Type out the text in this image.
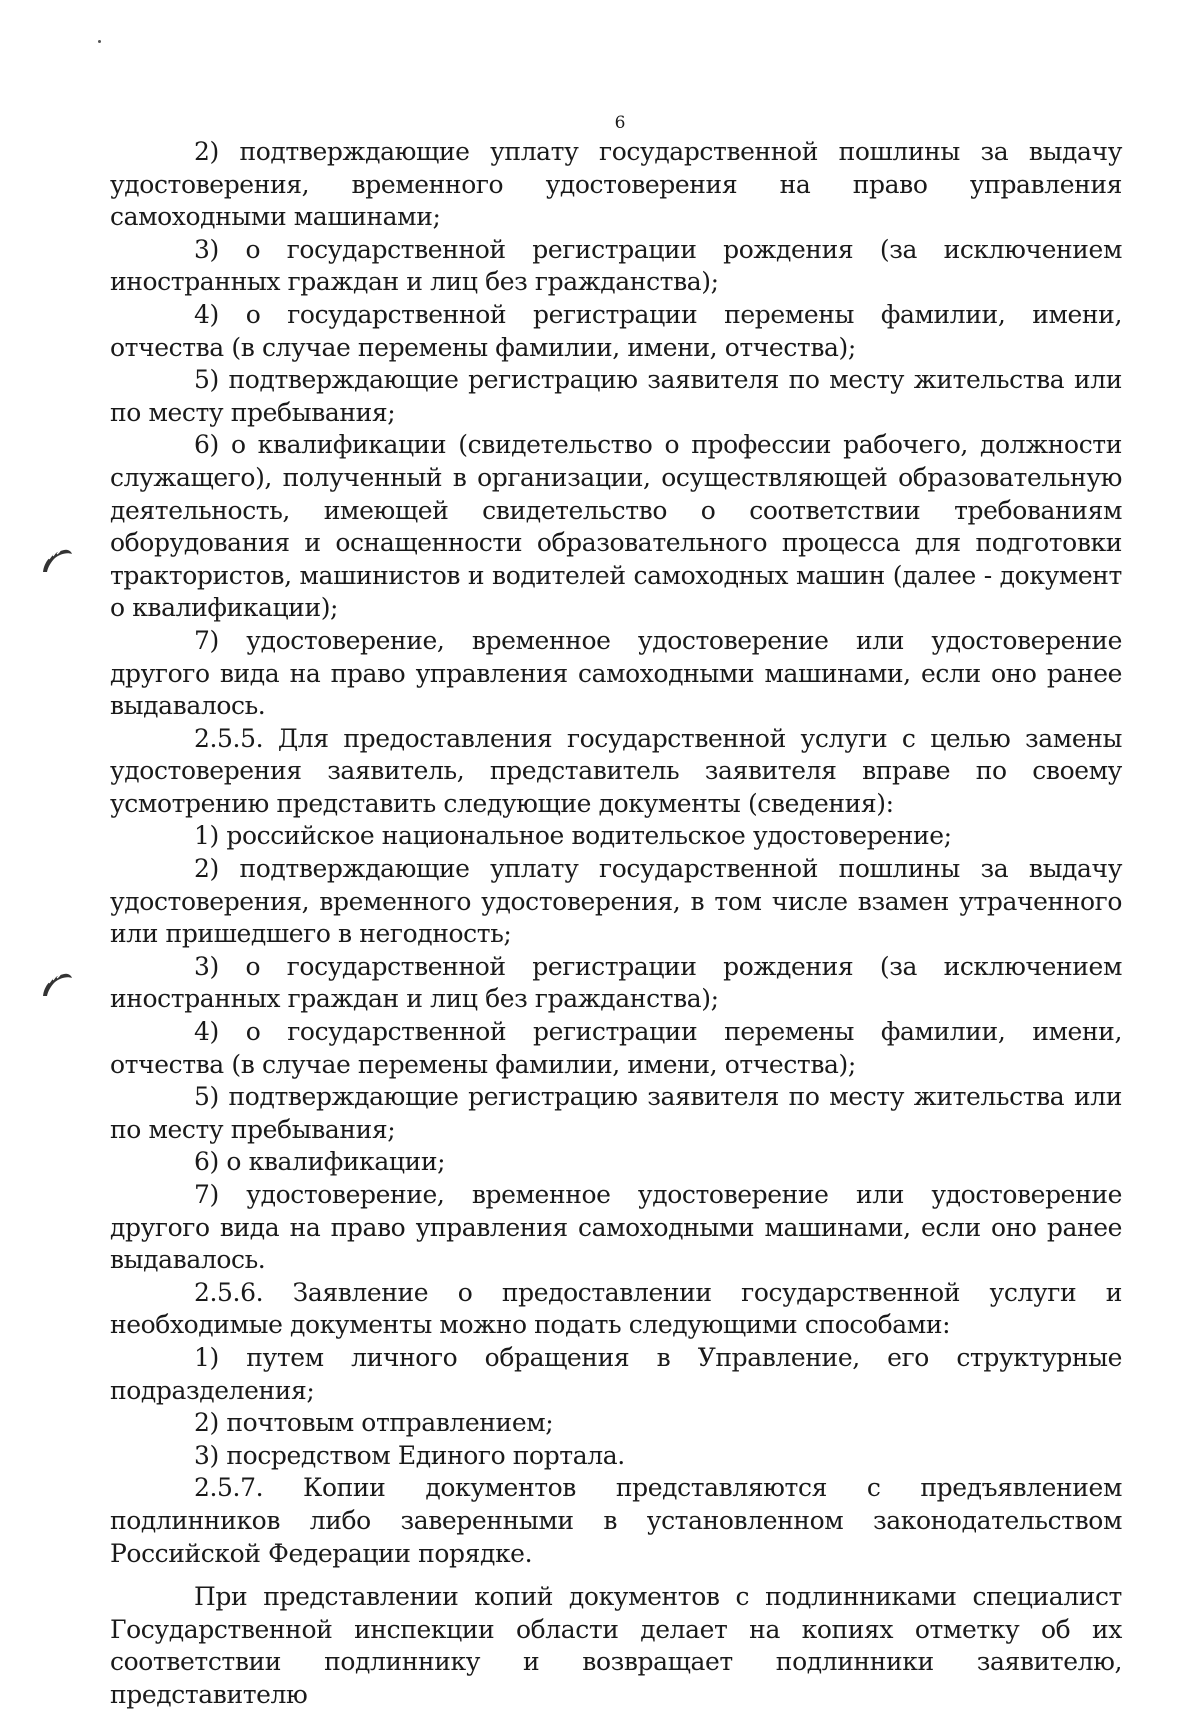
6

2) подтверждающие уплату государственной пошлины за выдачу удостоверения, временного удостоверения на право управления самоходными машинами;

3) о государственной регистрации рождения (за исключением иностранных граждан и лиц без гражданства);

4) о государственной регистрации перемены фамилии, имени, отчества (в случае перемены фамилии, имени, отчества);

5) подтверждающие регистрацию заявителя по месту жительства или по месту пребывания;

6) о квалификации (свидетельство о профессии рабочего, должности служащего), полученный в организации, осуществляющей образовательную деятельность, имеющей свидетельство о соответствии требованиям оборудования и оснащенности образовательного процесса для подготовки трактористов, машинистов и водителей самоходных машин (далее - документ о квалификации);

7) удостоверение, временное удостоверение или удостоверение другого вида на право управления самоходными машинами, если оно ранее выдавалось.

2.5.5. Для предоставления государственной услуги с целью замены удостоверения заявитель, представитель заявителя вправе по своему усмотрению представить следующие документы (сведения):

1) российское национальное водительское удостоверение;

2) подтверждающие уплату государственной пошлины за выдачу удостоверения, временного удостоверения, в том числе взамен утраченного или пришедшего в негодность;

3) о государственной регистрации рождения (за исключением иностранных граждан и лиц без гражданства);

4) о государственной регистрации перемены фамилии, имени, отчества (в случае перемены фамилии, имени, отчества);

5) подтверждающие регистрацию заявителя по месту жительства или по месту пребывания;

6) о квалификации;

7) удостоверение, временное удостоверение или удостоверение другого вида на право управления самоходными машинами, если оно ранее выдавалось.

2.5.6. Заявление о предоставлении государственной услуги и необходимые документы можно подать следующими способами:

1) путем личного обращения в Управление, его структурные подразделения;

2) почтовым отправлением;

3) посредством Единого портала.

2.5.7. Копии документов представляются с предъявлением подлинников либо заверенными в установленном законодательством Российской Федерации порядке.

При представлении копий документов с подлинниками специалист Государственной инспекции области делает на копиях отметку об их соответствии подлиннику и возвращает подлинники заявителю, представителю
